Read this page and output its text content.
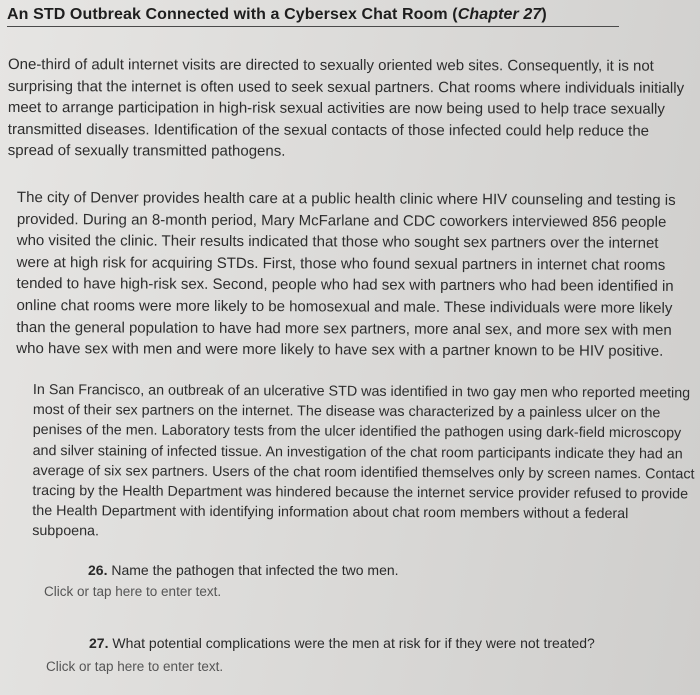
An STD Outbreak Connected with a Cybersex Chat Room (Chapter 27)

One-third of adult internet visits are directed to sexually oriented web sites. Consequently, it is not surprising that the internet is often used to seek sexual partners. Chat rooms where individuals initially meet to arrange participation in high-risk sexual activities are now being used to help trace sexually transmitted diseases. Identification of the sexual contacts of those infected could help reduce the spread of sexually transmitted pathogens.

The city of Denver provides health care at a public health clinic where HIV counseling and testing is provided. During an 8-month period, Mary McFarlane and CDC coworkers interviewed 856 people who visited the clinic. Their results indicated that those who sought sex partners over the internet were at high risk for acquiring STDs. First, those who found sexual partners in internet chat rooms tended to have high-risk sex. Second, people who had sex with partners who had been identified in online chat rooms were more likely to be homosexual and male. These individuals were more likely than the general population to have had more sex partners, more anal sex, and more sex with men who have sex with men and were more likely to have sex with a partner known to be HIV positive.

In San Francisco, an outbreak of an ulcerative STD was identified in two gay men who reported meeting most of their sex partners on the internet. The disease was characterized by a painless ulcer on the penises of the men. Laboratory tests from the ulcer identified the pathogen using dark-field microscopy and silver staining of infected tissue. An investigation of the chat room participants indicate they had an average of six sex partners. Users of the chat room identified themselves only by screen names. Contact tracing by the Health Department was hindered because the internet service provider refused to provide the Health Department with identifying information about chat room members without a federal subpoena.

26. Name the pathogen that infected the two men.
Click or tap here to enter text.
27. What potential complications were the men at risk for if they were not treated?
Click or tap here to enter text.
